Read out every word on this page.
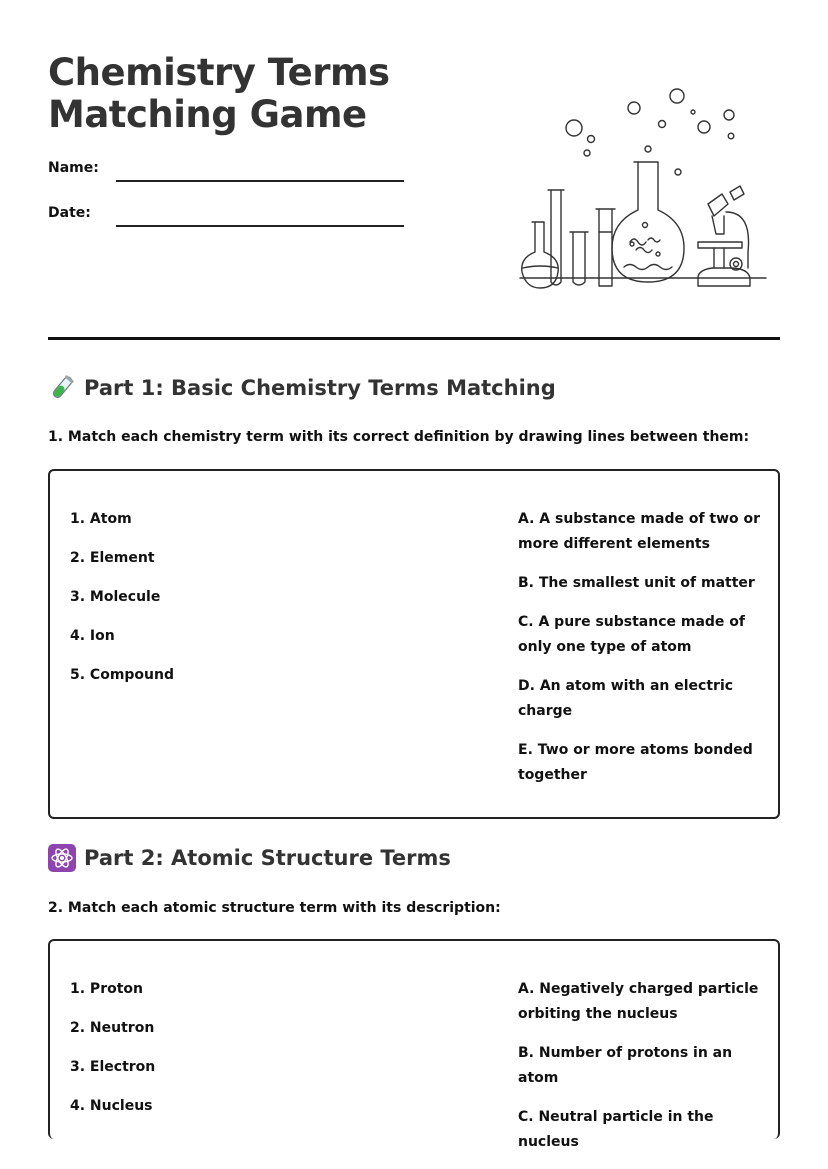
Chemistry Terms
Matching Game
Name:
Date:
Part 1: Basic Chemistry Terms Matching
1. Match each chemistry term with its correct definition by drawing lines between them:
1. Atom
2. Element
3. Molecule
4. Ion
5. Compound
A. A substance made of two or more different elements
B. The smallest unit of matter
C. A pure substance made of only one type of atom
D. An atom with an electric charge
E. Two or more atoms bonded together
Part 2: Atomic Structure Terms
2. Match each atomic structure term with its description:
1. Proton
2. Neutron
3. Electron
4. Nucleus
A. Negatively charged particle orbiting the nucleus
B. Number of protons in an atom
C. Neutral particle in the nucleus
